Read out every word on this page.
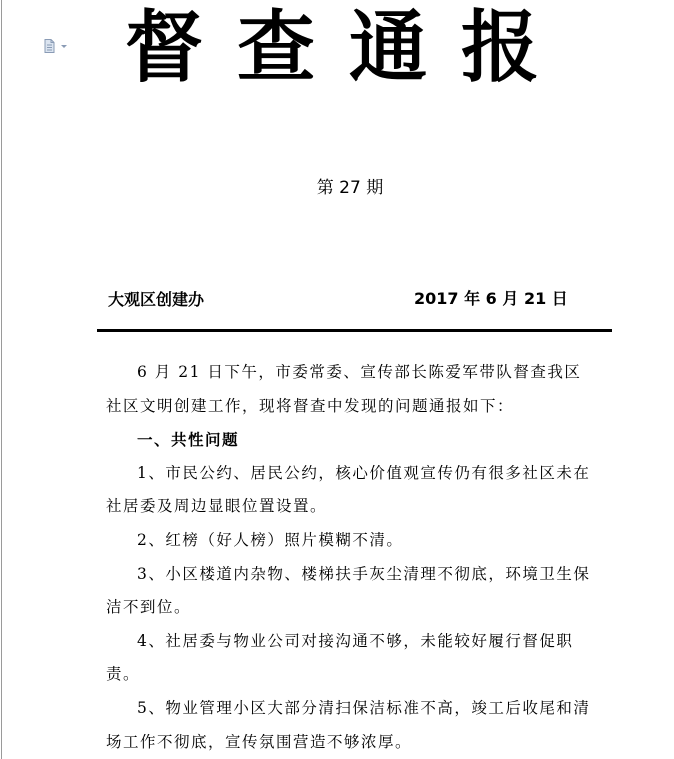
督查通报
第 27 期
大观区创建办	2017 年 6 月 21 日

6 月 21 日下午，市委常委、宣传部长陈爱军带队督查我区社区文明创建工作，现将督查中发现的问题通报如下：

一、共性问题

1、市民公约、居民公约，核心价值观宣传仍有很多社区未在社居委及周边显眼位置设置。

2、红榜（好人榜）照片模糊不清。

3、小区楼道内杂物、楼梯扶手灰尘清理不彻底，环境卫生保洁不到位。

4、社居委与物业公司对接沟通不够，未能较好履行督促职责。

5、物业管理小区大部分清扫保洁标准不高，竣工后收尾和清场工作不彻底，宣传氛围营造不够浓厚。
